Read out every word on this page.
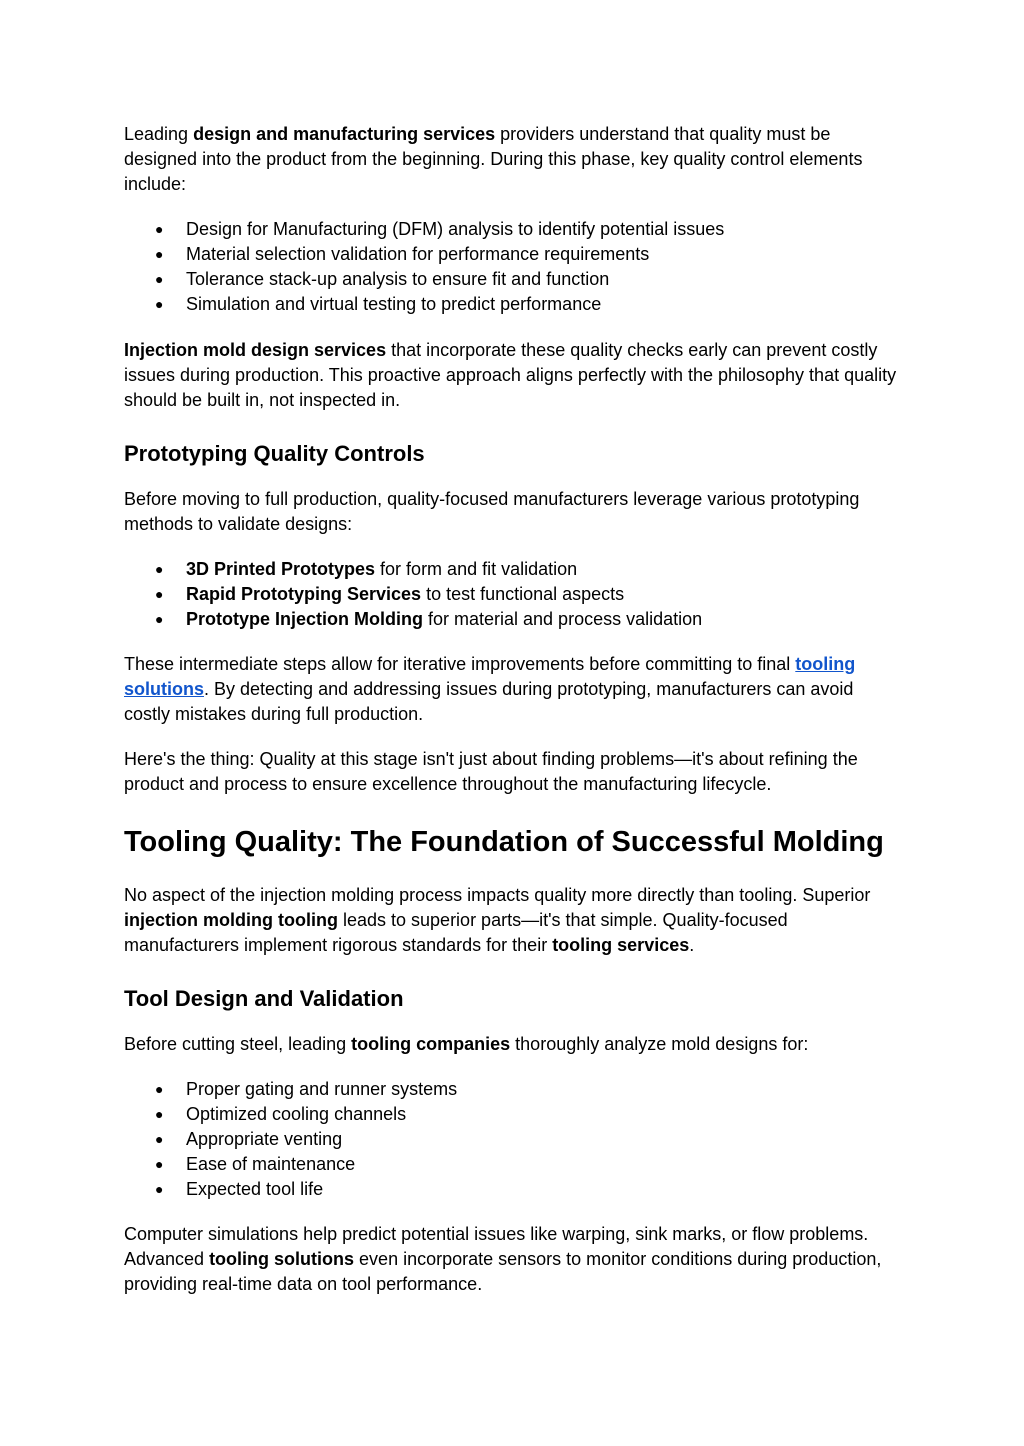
Leading design and manufacturing services providers understand that quality must be designed into the product from the beginning. During this phase, key quality control elements include:

● Design for Manufacturing (DFM) analysis to identify potential issues
● Material selection validation for performance requirements
● Tolerance stack-up analysis to ensure fit and function
● Simulation and virtual testing to predict performance

Injection mold design services that incorporate these quality checks early can prevent costly issues during production. This proactive approach aligns perfectly with the philosophy that quality should be built in, not inspected in.

Prototyping Quality Controls

Before moving to full production, quality-focused manufacturers leverage various prototyping methods to validate designs:

● 3D Printed Prototypes for form and fit validation
● Rapid Prototyping Services to test functional aspects
● Prototype Injection Molding for material and process validation

These intermediate steps allow for iterative improvements before committing to final tooling solutions. By detecting and addressing issues during prototyping, manufacturers can avoid costly mistakes during full production.

Here's the thing: Quality at this stage isn't just about finding problems—it's about refining the product and process to ensure excellence throughout the manufacturing lifecycle.

Tooling Quality: The Foundation of Successful Molding

No aspect of the injection molding process impacts quality more directly than tooling. Superior injection molding tooling leads to superior parts—it's that simple. Quality-focused manufacturers implement rigorous standards for their tooling services.

Tool Design and Validation

Before cutting steel, leading tooling companies thoroughly analyze mold designs for:

● Proper gating and runner systems
● Optimized cooling channels
● Appropriate venting
● Ease of maintenance
● Expected tool life

Computer simulations help predict potential issues like warping, sink marks, or flow problems. Advanced tooling solutions even incorporate sensors to monitor conditions during production, providing real-time data on tool performance.
